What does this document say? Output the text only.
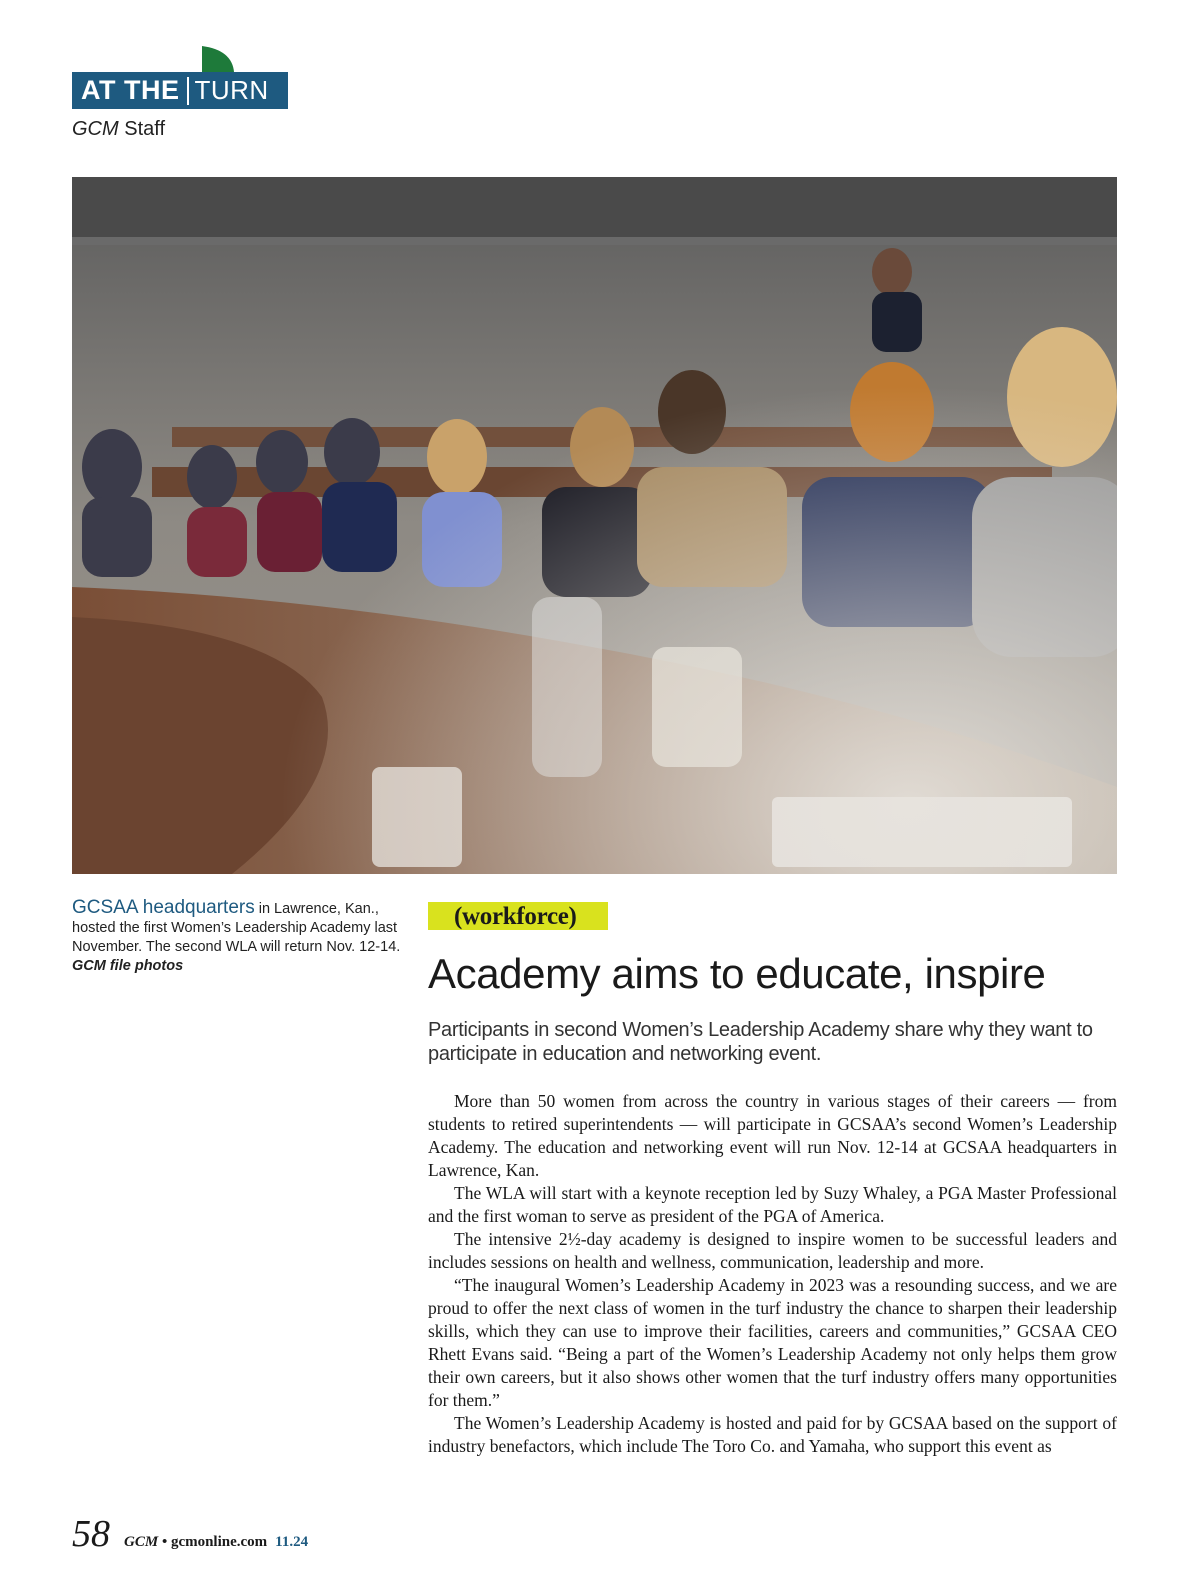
AT THE TURN
GCM Staff
GCSAA headquarters in Lawrence, Kan., hosted the first Women’s Leadership Academy last November. The second WLA will return Nov. 12-14. GCM file photos
(workforce)
Academy aims to educate, inspire
Participants in second Women’s Leadership Academy share why they want to participate in education and networking event.

More than 50 women from across the country in various stages of their careers — from students to retired superintendents — will participate in GCSAA’s second Women’s Leadership Academy. The education and networking event will run Nov. 12-14 at GCSAA headquarters in Lawrence, Kan.

The WLA will start with a keynote reception led by Suzy Whaley, a PGA Master Professional and the first woman to serve as president of the PGA of America.

The intensive 2½-day academy is designed to inspire women to be successful leaders and includes sessions on health and wellness, communication, leadership and more.

“The inaugural Women’s Leadership Academy in 2023 was a resounding success, and we are proud to offer the next class of women in the turf industry the chance to sharpen their leadership skills, which they can use to improve their facilities, careers and communities,” GCSAA CEO Rhett Evans said. “Being a part of the Women’s Leadership Academy not only helps them grow their own careers, but it also shows other women that the turf industry offers many opportunities for them.”

The Women’s Leadership Academy is hosted and paid for by GCSAA based on the support of industry benefactors, which include The Toro Co. and Yamaha, who support this event as

58 GCM • gcmonline.com 11.24
